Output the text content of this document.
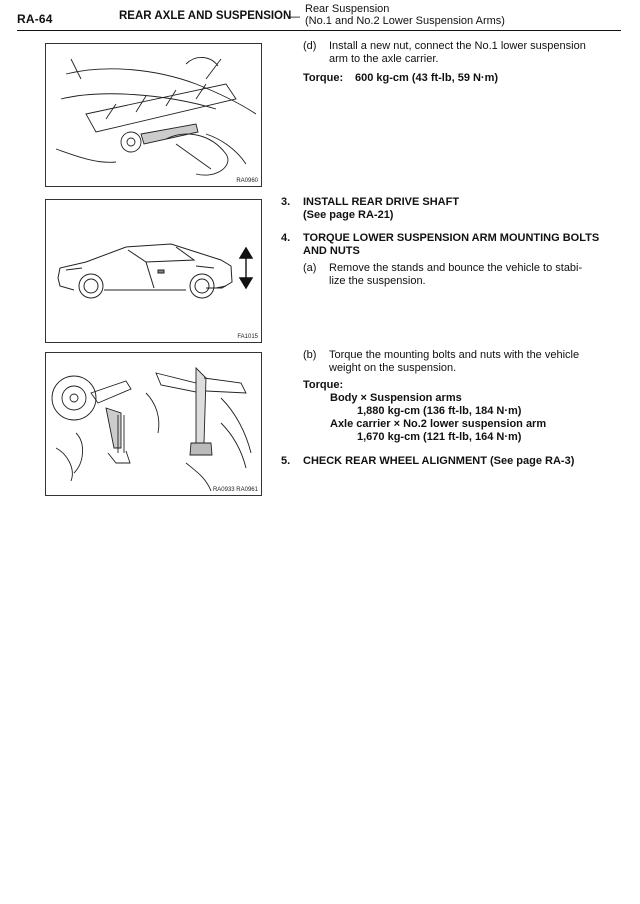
RA-64	REAR AXLE AND SUSPENSION
— Rear Suspension
(No.1 and No.2 Lower Suspension Arms)
RA0960
FA1015
RA0933 RA0961
(d) Install a new nut, connect the No.1 lower suspension
arm to the axle carrier.
Torque: 600 kg-cm (43 ft-lb, 59 N·m)
3. INSTALL REAR DRIVE SHAFT
(See page RA-21)
4. TORQUE LOWER SUSPENSION ARM MOUNTING BOLTS
AND NUTS
(a) Remove the stands and bounce the vehicle to stabi-
lize the suspension.
(b) Torque the mounting bolts and nuts with the vehicle
weight on the suspension.
Torque:
Body × Suspension arms
1,880 kg-cm (136 ft-lb, 184 N·m)
Axle carrier × No.2 lower suspension arm
1,670 kg-cm (121 ft-lb, 164 N·m)
5. CHECK REAR WHEEL ALIGNMENT (See page RA-3)
